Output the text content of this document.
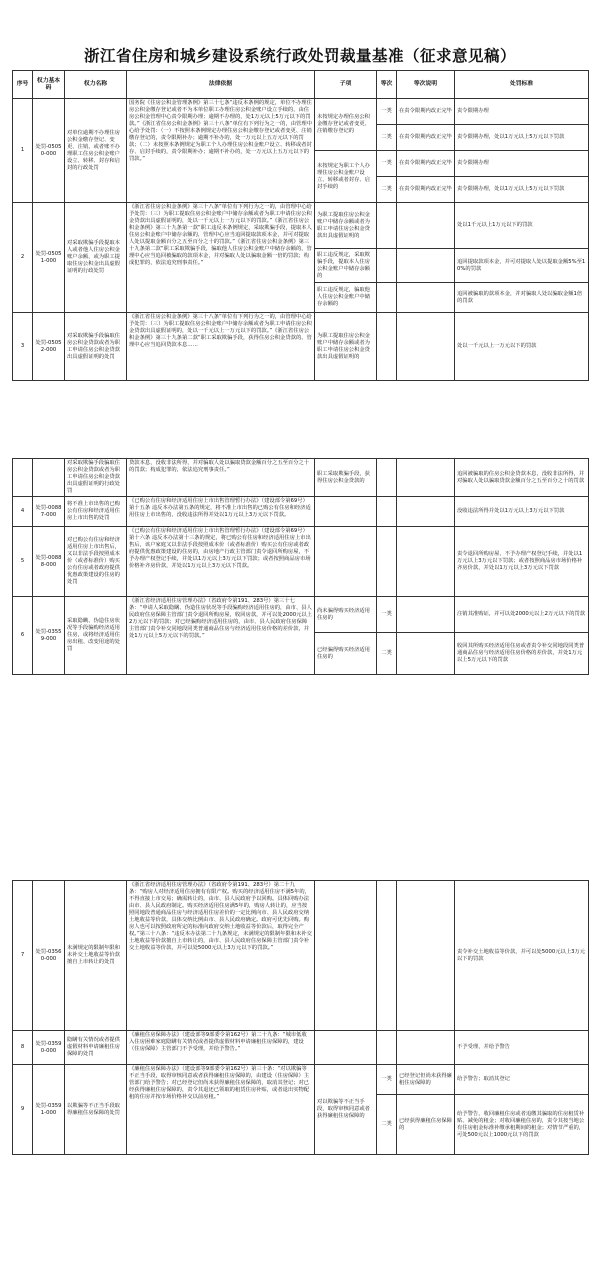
浙江省住房和城乡建设系统行政处罚裁量基准（征求意见稿）
序号	权力基本码	权力名称	法律依据	子项	等次	等次说明	处罚标准
1	处罚-05050-000	对单位逾期不办理住房公积金缴存登记、变更、注销，或者账不办理职工住房公积金账户设立、转移、封存和启封的行政处罚	国务院《住房公积金管理条例》第三十七条“违反本条例的规定，单位不办理住房公积金缴存登记或者不为本单位职工办理住房公积金账户设立手续的，由住房公积金管理中心责令限期办理；逾期不办理的，处1万元以上5万元以下的罚款。”《浙江省住房公积金条例》第三十八条“单位有下列行为之一的，由管理中心给予处罚：（一）不按照本条例规定办理住房公积金缴存登记或者变更、注销缴存登记的，责令限期补办；逾期不补办的，处一万元以上五万元以下的罚款；（二）未按照本条例规定为职工个人办理住房公积金账户设立、转移或者封存、启封手续的，责令限期补办；逾期不补办的，处一万元以上五万元以下的罚款。”	未按规定办理住房公积金缴存登记或者变更、注销缴存登记的	一类	在责令限期内改正完毕	责令限期办理
					二类	在责令限期内改正完毕	责令限期办理，处以1万元以上5万元以下罚款
				未按规定为职工个人办理住房公积金账户设立、转移或者封存、启封手续的	一类	在责令限期内改正完毕	责令限期办理
					二类	在责令限期内改正完毕	责令限期办理，处以1万元以上5万元以下罚款
2	处罚-05051-000	对采取欺骗手段提取本人或者他人住房公积金账户余额，或为职工提取住房公积金出具虚假证明的行政处罚	《浙江省住房公积金条例》第三十八条“单位有下列行为之一的，由管理中心给予处罚：（三）为职工提取住房公积金账户中储存余额或者为职工申请住房公积金贷款出具虚假证明的，处以一千元以上一万元以下的罚款。”《浙江省住房公积金条例》第三十九条第一款“职工违反本条例规定，采取欺骗手段，提取本人住房公积金账户中储存余额的，管理中心应当追回提取款项本金，并可对提取人处以提取金额百分之五至百分之十的罚款。”《浙江省住房公积金条例》第三十九条第二款“职工采取欺骗手段，骗取他人住房公积金账户中储存余额的，管理中心应当追回被骗取的款项本金，并对骗取人处以骗取金额一倍的罚款；构成犯罪的，依法追究刑事责任。”	为职工提取住房公积金账户中储存余额或者为职工申请住房公积金贷款出具虚假证明的			处以1千元以上1万元以下的罚款
				职工违反规定，采取欺骗手段，提取本人住房公积金账户中储存余额的			追回提取款项本金，并可对提取人处以提取金额5%至10%的罚款
				职工违反规定，骗取他人住房公积金账户中储存余额的			追回被骗取的款项本金，并对骗取人处以骗取金额1倍的罚款
3	处罚-05052-000	对采取欺骗手段骗取住房公积金贷款或者为职工申请住房公积金贷款出具虚假证明的处罚	《浙江省住房公积金条例》第三十八条“单位有下列行为之一的，由管理中心给予处罚：（三）为职工提取住房公积金账户中储存余额或者为职工申请住房公积金贷款出具虚假证明的，处以一千元以上一万元以下的罚款。”《浙江省住房公积金条例》第三十九条第二款“职工采取欺骗手段，获得住房公积金贷款的，管理中心应当追回贷款本息……	为职工提取住房公积金账户中储存余额或者为职工申请住房公积金贷款出具虚假证明的			处以一千元以上一万元以下的罚款
		对采取欺骗手段骗取住房公积金贷款或者为职工申请住房公积金贷款出具虚假证明的行政处罚	贷款本息，没收非法所得，并对骗取人处以骗取贷款金额百分之五至百分之十的罚款；构成犯罪的，依法追究刑事责任。”	职工采取欺骗手段，获得住房公积金贷款的			追回被骗取的住房公积金贷款本息，没收非法所得，并对骗取人处以骗取贷款金额百分之五至百分之十的罚款
4	处罚-00887-000	将不准上市出售的已购公有住房和经济适用住房上市出售的处罚	《已购公有住房和经济适用住房上市出售管理暂行办法》（建设部令第69号）第十五条 违反本办法第五条的规定，将不准上市出售的已购公有住房和经济适用住房上市出售的，没收违法所得并处以1万元以上3万元以下罚款。				没收违法所得并处以1万元以上3万元以下罚款
5	处罚-00888-000	对已购公有住房和经济适用住房上市出售后，又以非法手段按照成本价（或者标准价）购买公有住房或者政府提供优惠政策建设的住房的处罚	《已购公有住房和经济适用住房上市出售管理暂行办法》（建设部令第69号）第十六条 违反本办法第十三条的规定，将已购公有住房和经济适用住房上市出售后，该户家庭又以非法手段按照成本价（或者标准价）购买公有住房或者政府提供优惠政策建设的住房的，由房地产行政主管部门责令退回所购房屋，不予办理产权登记手续，并处以1万元以上3万元以下罚款；或者按照商品房市场价格补齐房价款，并处以1万元以上3万元以下罚款。				责令退回所购房屋，不予办理产权登记手续，并处以1万元以上3万元以下罚款；或者按照商品房市场价格补齐房价款，并处以1万元以上3万元以下罚款
6	处罚-03559-000	采取隐瞒、伪造住房状况等手段骗购经济适用住房，或将经济适用住房出租、改变用途的处罚	《浙江省经济适用住房管理办法》（省政府令第191、283号）第三十七条：“申请人采取隐瞒、伪造住房状况等手段骗购经济适用住房的，由市、县人民政府住房保障主管部门责令退回所购房屋，收回房款，并可以处2000元以上2万元以下的罚款；对已经骗购经济适用住房的，由市、县人民政府住房保障主管部门责令补交同地段同类普通商品住房与经济适用住房价格的差价款，并处1万元以上5万元以下的罚款。”	尚未骗得购买经济适用住房的	一类		注销其准购证，并可以处2000元以上2万元以下的罚款
				已经骗得购买经济适用住房的	二类		收回其所购买经济适用住房或者责令补交同地段同类普通商品住房与经济适用住房价格的差价款，并处1万元以上5万元以下的罚款
7	处罚-03560-000	未满规定的限制年限和未补交土地收益等价款擅自上市转让的处罚	《浙江省经济适用住房管理办法》（省政府令第191、283号）第二十九条：“购房人对经济适用住房拥有有限产权。购买的经济适用住房不满5年的，不得直接上市交易；确需转让的，由市、县人民政府予以回购。具体回购办法由市、县人民政府制定。购买经济适用住房满5年的，购房人转让的，应当按照同地段普通商品住房与经济适用住房差价的一定比例向市、县人民政府交纳土地收益等价款，具体交纳比例由市、县人民政府确定。政府可优先回购。购房人也可以按照政府所定的标准向政府交纳土地收益等价款后，取得完全产权。”第三十八条：“违反本办法第二十九条规定，未满规定的限制年限和未补交土地收益等价款擅自上市转让的，由市、县人民政府住房保障主管部门责令补交土地收益等价款，并可以处5000元以上3万元以下的罚款。”				责令补交土地收益等价款，并可以处5000元以上3万元以下的罚款
8	处罚-03590-000	隐瞒有关情况或者提供虚假材料申请廉租住房保障的处罚	《廉租住房保障办法》（建设部等9部委令第162号）第二十九条：“城市低收入住房困难家庭隐瞒有关情况或者提供虚假材料申请廉租住房保障的，建设（住房保障）主管部门不予受理，并给予警告。”				不予受理，并给予警告
9	处罚-03591-000	以欺骗等不正当手段取得廉租住房保障的处罚	《廉租住房保障办法》（建设部等9部委令第162号）第三十条：“对以欺骗等不正当手段，取得审核同意或者获得廉租住房保障的，由建设（住房保障）主管部门给予警告；对已经登记但尚未获得廉租住房保障的，取消其登记；对已经获得廉租住房保障的，责令其退还已领取的租赁住房补贴，或者退出实物配租的住房并按市场价格补交以前房租。”	对以欺骗等不正当手段，取得审核同意或者获得廉租住房保障的	一类	已经登记但尚未获得廉租住房保障的	给予警告；取消其登记
					二类	已经获得廉租住房保障的	给予警告，收回廉租住房或者追缴其骗取的住房租赁补贴、减免的租金；对收回廉租住房的，责令其按当地公有住房租金标准补缴承租期间的租金；对情节严重的，可处500元以上1000元以下的罚款
